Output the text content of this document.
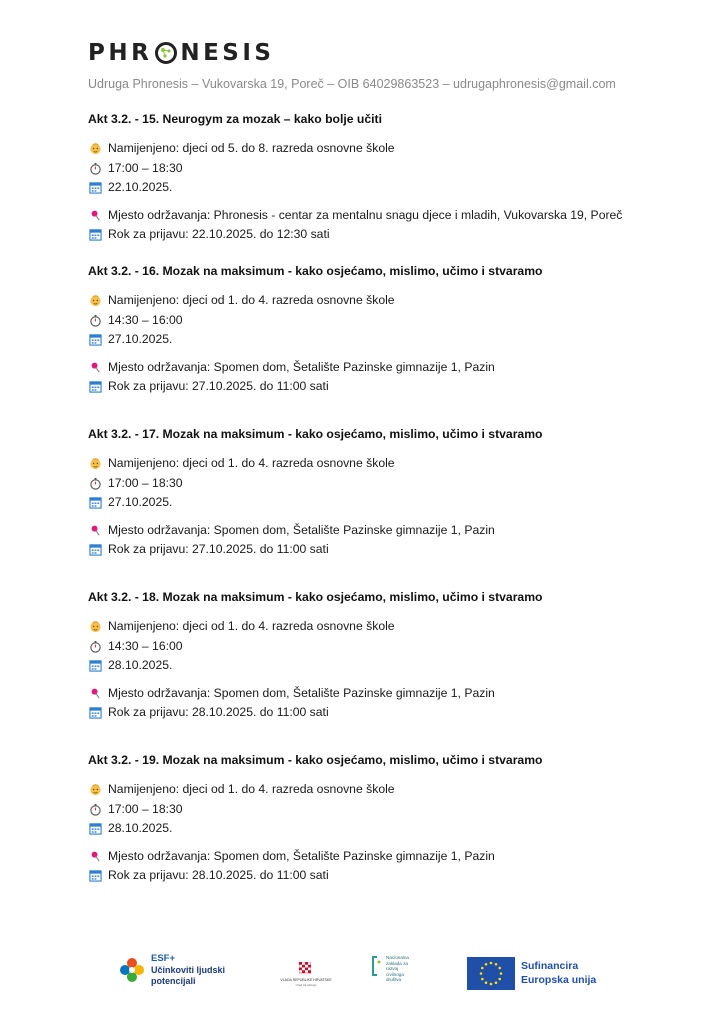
PHR NESIS
Udruga Phronesis – Vukovarska 19, Poreč – OIB 64029863523 – udrugaphronesis@gmail.com
Akt 3.2. - 15. Neurogym za mozak – kako bolje učiti
Namijenjeno: djeci od 5. do 8. razreda osnovne škole
17:00 – 18:30
22.10.2025.
Mjesto održavanja: Phronesis - centar za mentalnu snagu djece i mladih, Vukovarska 19, Poreč
Rok za prijavu: 22.10.2025. do 12:30 sati
Akt 3.2. - 16. Mozak na maksimum - kako osjećamo, mislimo, učimo i stvaramo
Namijenjeno: djeci od 1. do 4. razreda osnovne škole
14:30 – 16:00
27.10.2025.
Mjesto održavanja: Spomen dom, Šetalište Pazinske gimnazije 1, Pazin
Rok za prijavu: 27.10.2025. do 11:00 sati
Akt 3.2. - 17. Mozak na maksimum - kako osjećamo, mislimo, učimo i stvaramo
Namijenjeno: djeci od 1. do 4. razreda osnovne škole
17:00 – 18:30
27.10.2025.
Mjesto održavanja: Spomen dom, Šetalište Pazinske gimnazije 1, Pazin
Rok za prijavu: 27.10.2025. do 11:00 sati
Akt 3.2. - 18. Mozak na maksimum - kako osjećamo, mislimo, učimo i stvaramo
Namijenjeno: djeci od 1. do 4. razreda osnovne škole
14:30 – 16:00
28.10.2025.
Mjesto održavanja: Spomen dom, Šetalište Pazinske gimnazije 1, Pazin
Rok za prijavu: 28.10.2025. do 11:00 sati
Akt 3.2. - 19. Mozak na maksimum - kako osjećamo, mislimo, učimo i stvaramo
Namijenjeno: djeci od 1. do 4. razreda osnovne škole
17:00 – 18:30
28.10.2025.
Mjesto održavanja: Spomen dom, Šetalište Pazinske gimnazije 1, Pazin
Rok za prijavu: 28.10.2025. do 11:00 sati
ESF+
Učinkoviti ljudski
potencijali	VLADA REPUBLIKE HRVATSKE
Ured za udruge
Nacionalna
zaklada za
razvoj
civilnoga
društva
Sufinancira
Europska unija
